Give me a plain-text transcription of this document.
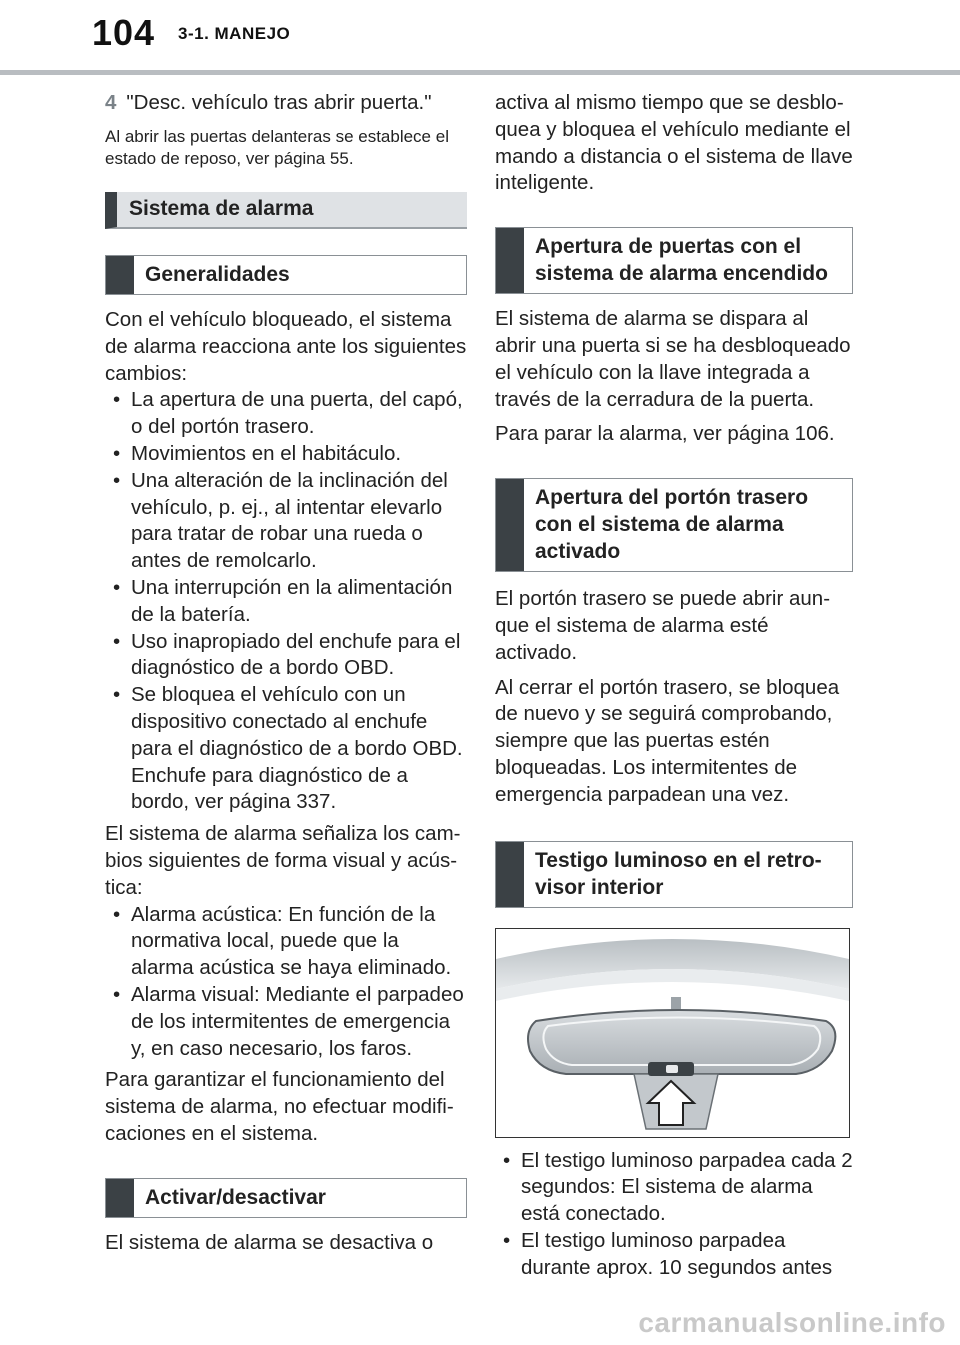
104 3-1. MANEJO

4 "Desc. vehículo tras abrir puerta."

Al abrir las puertas delanteras se establece el estado de reposo, ver página 55.

Sistema de alarma
Generalidades

Con el vehículo bloqueado, el sistema de alarma reacciona ante los siguientes cambios:

• La apertura de una puerta, del capó, o del portón trasero.
• Movimientos en el habitáculo.
• Una alteración de la inclinación del vehículo, p. ej., al intentar elevarlo para tratar de robar una rueda o antes de remolcarlo.
• Una interrupción en la alimentación de la batería.
• Uso inapropiado del enchufe para el diagnóstico de a bordo OBD.
• Se bloquea el vehículo con un dispositivo conectado al enchufe para el diagnóstico de a bordo OBD. Enchufe para diagnóstico de a bordo, ver página 337.

El sistema de alarma señaliza los cambios siguientes de forma visual y acústica:

• Alarma acústica: En función de la normativa local, puede que la alarma acústica se haya eliminado.
• Alarma visual: Mediante el parpadeo de los intermitentes de emergencia y, en caso necesario, los faros.

Para garantizar el funcionamiento del sistema de alarma, no efectuar modificaciones en el sistema.

Activar/desactivar

El sistema de alarma se desactiva o

activa al mismo tiempo que se desbloquea y bloquea el vehículo mediante el mando a distancia o el sistema de llave inteligente.

Apertura de puertas con el sistema de alarma encendido

El sistema de alarma se dispara al abrir una puerta si se ha desbloqueado el vehículo con la llave integrada a través de la cerradura de la puerta.

Para parar la alarma, ver página 106.

Apertura del portón trasero con el sistema de alarma activado

El portón trasero se puede abrir aunque el sistema de alarma esté activado.

Al cerrar el portón trasero, se bloquea de nuevo y se seguirá comprobando, siempre que las puertas estén bloqueadas. Los intermitentes de emergencia parpadean una vez.

Testigo luminoso en el retrovisor interior
• El testigo luminoso parpadea cada 2 segundos: El sistema de alarma está conectado.
• El testigo luminoso parpadea durante aprox. 10 segundos antes
carmanualsonline.info
